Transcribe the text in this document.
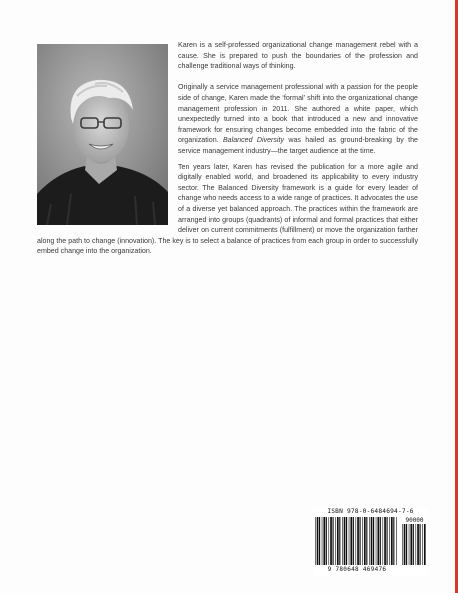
Karen is a self-professed organizational change management rebel with a cause. She is prepared to push the boundaries of the profession and challenge traditional ways of thinking.

Originally a service management professional with a passion for the people side of change, Karen made the ‘formal’ shift into the organizational change management profession in 2011. She authored a white paper, which unexpectedly turned into a book that introduced a new and innovative framework for ensuring changes become embedded into the fabric of the organization. Balanced Diversity was hailed as ground-breaking by the service management industry—the target audience at the time.

Ten years later, Karen has revised the publication for a more agile and digitally enabled world, and broadened its applicability to every industry sector. The Balanced Diversity framework is a guide for every leader of change who needs access to a wide range of practices. It advocates the use of a diverse yet balanced approach. The practices within the framework are arranged into groups (quadrants) of informal and formal practices that either deliver on current commitments (fulfillment) or move the organization farther along the path to change (innovation). The key is to select a balance of practices from each group in order to successfully embed change into the organization.

ISBN 978-0-6484694-7-6
90000
9 780648 469476
